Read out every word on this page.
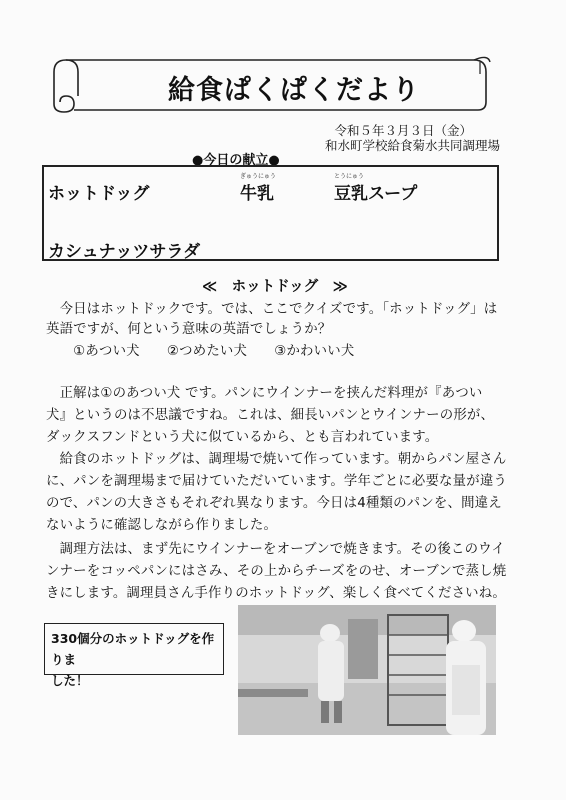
給食ぱくぱくだより
令和５年３月３日（金）
和水町学校給食菊水共同調理場
●今日の献立●
ホットドッグ
ぎゅうにゅう
牛乳
とうにゅう
豆乳スープ
カシュナッツサラダ
≪　ホットドッグ　≫
　今日はホットドックです。では、ここでクイズです。「ホットドッグ」は
英語ですが、何という意味の英語でしょうか？
　　①あつい犬　　②つめたい犬　　③かわいい犬
　正解は①のあつい犬 です。パンにウインナーを挟んだ料理が『あつい
犬』というのは不思議ですね。これは、細長いパンとウインナーの形が、
ダックスフンドという犬に似ているから、とも言われています。
　給食のホットドッグは、調理場で焼いて作っています。朝からパン屋さん
に、パンを調理場まで届けていただいています。学年ごとに必要な量が違う
ので、パンの大きさもそれぞれ異なります。今日は4種類のパンを、間違え
ないように確認しながら作りました。
　調理方法は、まず先にウインナーをオーブンで焼きます。その後このウイ
ンナーをコッペパンにはさみ、その上からチーズをのせ、オーブンで蒸し焼
きにします。調理員さん手作りのホットドッグ、楽しく食べてくださいね。
330個分のホットドッグを作りま
した！
